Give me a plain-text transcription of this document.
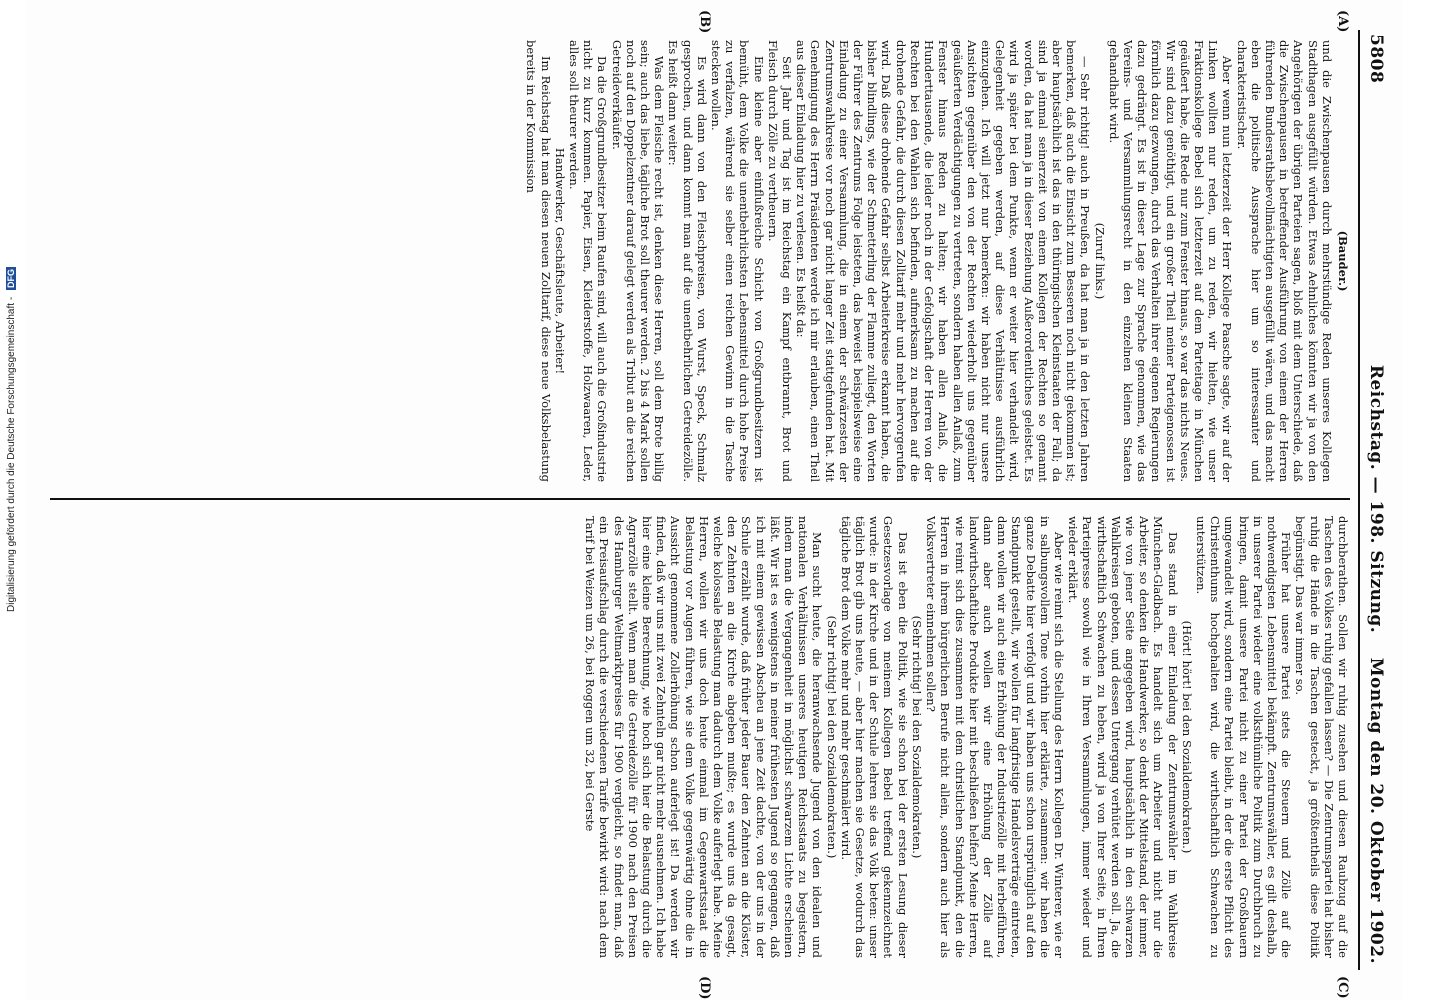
5808
Reichstag. — 198. Sitzung.
Montag den 20. Oktober 1902.
(A)
(B)
(C)
(D)

(Bauder.)

und die Zwischenpausen durch mehrstündige Reden unseres Kollegen Stadthagen ausgefüllt würden. Etwas Aehnliches könnten wir ja von den Angehörigen der übrigen Parteien sagen, bloß mit dem Unterschiede, daß die Zwischenpausen in betreffender Ausführung von einem der Herren führenden Bundesrathsbevollmächtigten ausgefüllt wären, und das macht eben die politische Aussprache hier um so interessanter und charakteristischer.

Aber wenn nun letzterzeit der Herr Kollege Paasche sagte, wir auf der Linken wollten nur reden, um zu reden, wir hielten, wie unser Fraktionskollege Bebel sich letzterzeit auf dem Parteitage in München geäußert habe, die Rede nur zum Fenster hinaus, so war das nichts Neues. Wir sind dazu genöthigt, und ein großer Theil meiner Parteigenossen ist förmlich dazu gezwungen, durch das Verhalten ihrer eigenen Regierungen dazu gedrängt. Es ist in dieser Lage zur Sprache genommen, wie das Vereins- und Versammlungsrecht in den einzelnen kleinen Staaten gehandhabt wird.

(Zuruf links.)

— Sehr richtig! auch in Preußen, da hat man ja in den letzten Jahren bemerken, daß auch die Einsicht zum Besseren noch nicht gekommen ist; aber hauptsächlich ist das in den thüringischen Kleinstaaten der Fall; da sind ja einmal seinerzeit von einem Kollegen der Rechten so genannt worden, da hat man ja in dieser Beziehung Außerordentliches geleistet. Es wird ja später bei dem Punkte, wenn er weiter hier verhandelt wird, Gelegenheit gegeben werden, auf diese Verhältnisse ausführlich einzugehen. Ich will jetzt nur bemerken: wir haben nicht nur unsere Ansichten gegenüber den von der Rechten wiederholt uns gegenüber geäußerten Verdächtigungen zu vertreten, sondern haben allen Anlaß, zum Fenster hinaus Reden zu halten; wir haben allen Anlaß, die Hunderttausende, die leider noch in der Gefolgschaft der Herren von der Rechten bei den Wahlen sich befinden, aufmerksam zu machen auf die drohende Gefahr, die durch diesen Zolltarif mehr und mehr hervorgerufen wird. Daß diese drohende Gefahr selbst Arbeiterkreise erkannt haben, die bisher blindlings, wie der Schmetterling der Flamme zuliegt, den Worten der Führer des Zentrums Folge leisteten, das beweist beispielsweise eine Einladung zu einer Versammlung, die in einem der schwärzesten der Zentrumswahlkreise vor noch gar nicht langer Zeit stattgefunden hat. Mit Genehmigung des Herrn Präsidenten werde ich mir erlauben, einen Theil aus dieser Einladung hier zu verlesen. Es heißt da:

Seit Jahr und Tag ist im Reichstag ein Kampf entbrannt, Brot und Fleisch durch Zölle zu vertheuern.

Eine kleine aber einflußreiche Schicht von Großgrundbesitzern ist bemüht, dem Volke die unentbehrlichsten Lebensmittel durch hohe Preise zu verfalzen, während sie selber einen reichen Gewinn in die Tasche stecken wollen.

Es wird dann von den Fleischpreisen, von Wurst, Speck, Schmalz gesprochen, und dann kommt man auf die unentbehrlichen Getreidezölle. Es heißt dann weiter:

Was dem Fleische recht ist, denken diese Herren, soll dem Brote billig sein; auch das liebe, tägliche Brot soll theurer werden. 2 bis 4 Mark sollen noch auf den Doppelzentner darauf gelegt werden als Tribut an die reichen Getreideverkäufer.

Da die Großgrundbesitzer beim Raufen sind, will auch die Großindustrie nicht zu kurz kommen. Papier, Eisen, Kleiderstoffe, Holzwaaren, Leder, alles soll theurer werden.

Handwerker, Geschäftsleute, Arbeiter!

Im Reichstag hat man diesen neuen Zolltarif, diese neue Volksbelastung bereits in der Kommission

durchberathen. Sollen wir ruhig zusehen und diesen Raubzug auf die Taschen des Volkes ruhig gefallen lassen? — Die Zentrumspartei hat bisher ruhig die Hände in die Taschen gesteckt, ja größtentheils diese Politik begünstigt. Das war immer so.

Früher hat unsere Partei stets die Steuern und Zölle auf die nothwendigsten Lebensmittel bekämpft. Zentrumswähler, es gilt deshalb, in unserer Partei wieder eine volksthümliche Politik zum Durchbruch zu bringen, damit unsere Partei nicht zu einer Partei der Großbauern umgewandelt wird, sondern eine Partei bleibt, in der die erste Pflicht des Christenthums hochgehalten wird, die wirthschaftlich Schwachen zu unterstützen.

(Hört! hört! bei den Sozialdemokraten.)

Das stand in einer Einladung der Zentrumswähler im Wahlkreise München-Gladbach. Es handelt sich um Arbeiter und nicht nur die Arbeiter, so denken die Handwerker, so denkt der Mittelstand, der immer, wie von jener Seite angegeben wird, hauptsächlich in den schwarzen Wahlkreisen geboten, und dessen Untergang verhütet werden soll. Ja, die wirthschaftlich Schwachen zu heben, wird ja von Ihrer Seite, in Ihren Parteipresse sowohl wie in Ihren Versammlungen, immer wieder und wieder erklärt.

Aber wie reimt sich die Stellung des Herrn Kollegen Dr. Winterer, wie er in salbungsvollem Tone vorhin hier erklärte, zusammen: wir haben die ganze Debatte hier verfolgt und wir haben uns schon ursprünglich auf den Standpunkt gestellt, wir wollen für langfristige Handelsverträge eintreten, dann wollen wir auch eine Erhöhung der Industriezölle mit herbeiführen, dann aber auch wollen wir eine Erhöhung der Zölle auf landwirthschaftliche Produkte hier mit beschließen helfen? Meine Herren, wie reimt sich dies zusammen mit dem christlichen Standpunkt, den die Herren in ihrem bürgerlichen Berufe nicht allein, sondern auch hier als Volksvertreter einnehmen sollen?

(Sehr richtig! bei den Sozialdemokraten.)

Das ist eben die Politik, wie sie schon bei der ersten Lesung dieser Gesetzesvorlage von meinem Kollegen Bebel treffend gekennzeichnet wurde: in der Kirche und in der Schule lehren sie das Volk beten: unser täglich Brot gib uns heute, — aber hier machen sie Gesetze, wodurch das tägliche Brot dem Volke mehr und mehr geschmälert wird.

(Sehr richtig! bei den Sozialdemokraten.)

Man sucht heute, die heranwachsende Jugend von den idealen und nationalen Verhältnissen unseres heutigen Reichsstaats zu begeistern, indem man die Vergangenheit in möglichst schwarzem Lichte erscheinen läßt. Wir ist es wenigstens in meiner frühesten Jugend so gegangen, daß ich mit einem gewissen Abscheu an jene Zeit dachte, von der uns in der Schule erzählt wurde, daß früher jeder Bauer den Zehnten an die Klöster, den Zehnten an die Kirche abgeben mußte; es wurde uns da gesagt, welche kolossale Belastung man dadurch dem Volke auferlegt habe. Meine Herren, wollen wir uns doch heute einmal im Gegenwartsstaat die Belastung vor Augen führen, wie sie dem Volke gegenwärtig ohne die in Aussicht genommene Zollerhöhung schon auferlegt ist! Da werden wir finden, daß wir uns mit zwei Zehnteln gar nicht mehr ausnehmen. Ich habe hier eine kleine Berechnung, wie hoch sich hier die Belastung durch die Agrarzölle stellt. Wenn man die Getreidezölle für 1900 nach den Preisen des Hamburger Weltmarktpreises für 1900 vergleicht, so findet man, daß ein Preisaufschlag durch die verschiedenen Tarife bewirkt wird: nach dem Tarif bei Weizen um 26, bei Roggen um 32, bei Gerste

Digitalisierung gefördert durch die Deutsche Forschungsgemeinschaft - DFG
